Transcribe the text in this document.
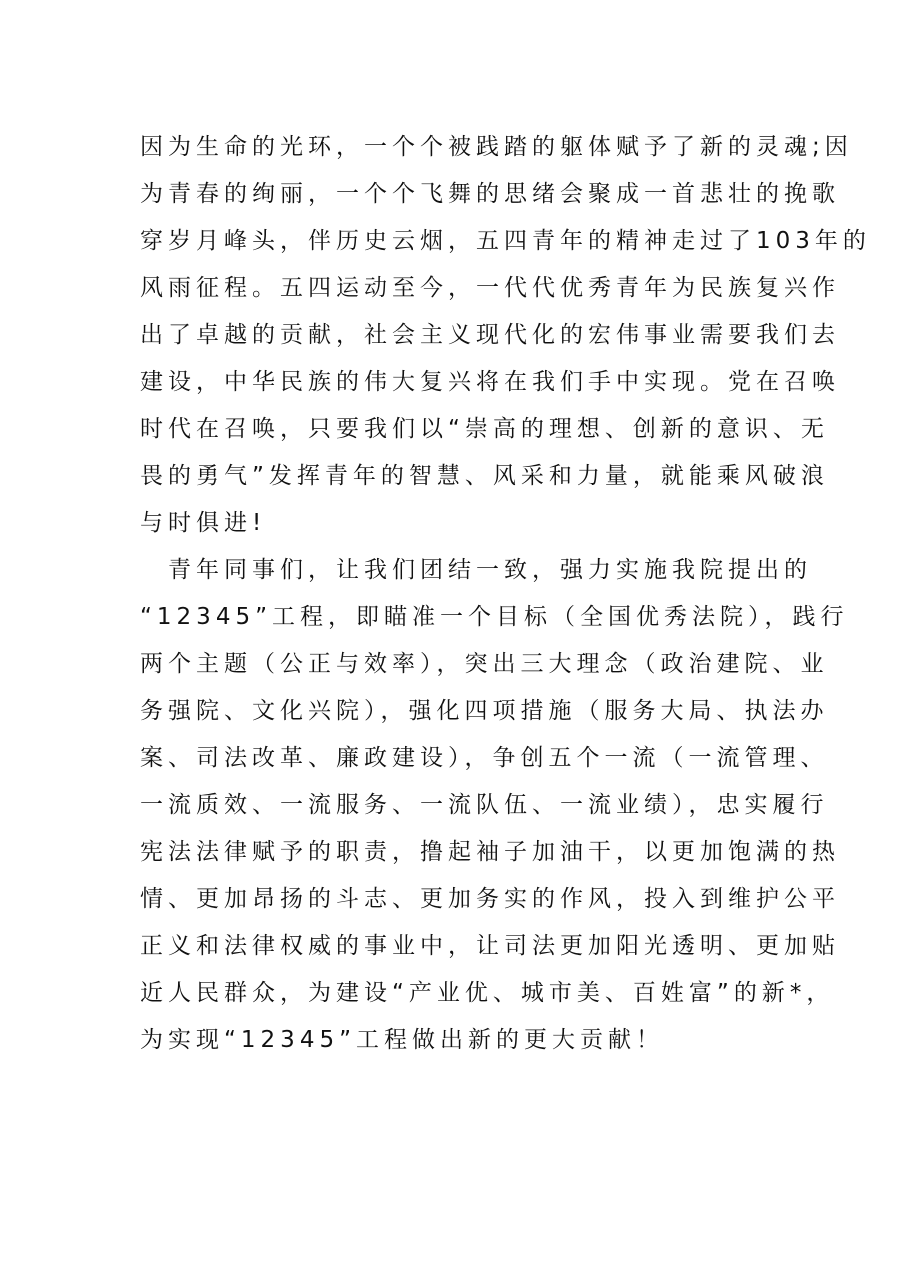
因为生命的光环，一个个被践踏的躯体赋予了新的灵魂;因
为青春的绚丽，一个个飞舞的思绪会聚成一首悲壮的挽歌
穿岁月峰头，伴历史云烟，五四青年的精神走过了103年的
风雨征程。五四运动至今，一代代优秀青年为民族复兴作
出了卓越的贡献，社会主义现代化的宏伟事业需要我们去
建设，中华民族的伟大复兴将在我们手中实现。党在召唤
时代在召唤，只要我们以“崇高的理想、创新的意识、无
畏的勇气”发挥青年的智慧、风采和力量，就能乘风破浪
与时俱进!
　青年同事们，让我们团结一致，强力实施我院提出的
“12345”工程，即瞄准一个目标（全国优秀法院），践行
两个主题（公正与效率），突出三大理念（政治建院、业
务强院、文化兴院），强化四项措施（服务大局、执法办
案、司法改革、廉政建设），争创五个一流（一流管理、
一流质效、一流服务、一流队伍、一流业绩），忠实履行
宪法法律赋予的职责，撸起袖子加油干，以更加饱满的热
情、更加昂扬的斗志、更加务实的作风，投入到维护公平
正义和法律权威的事业中，让司法更加阳光透明、更加贴
近人民群众，为建设“产业优、城市美、百姓富”的新*，
为实现“12345”工程做出新的更大贡献！
